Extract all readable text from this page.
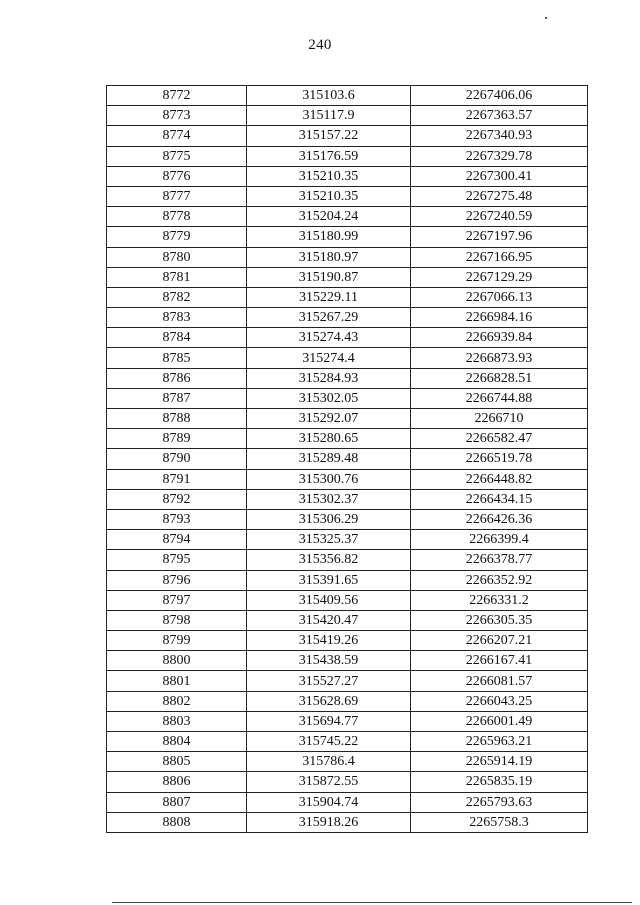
240
8772	315103.6	2267406.06
8773	315117.9	2267363.57
8774	315157.22	2267340.93
8775	315176.59	2267329.78
8776	315210.35	2267300.41
8777	315210.35	2267275.48
8778	315204.24	2267240.59
8779	315180.99	2267197.96
8780	315180.97	2267166.95
8781	315190.87	2267129.29
8782	315229.11	2267066.13
8783	315267.29	2266984.16
8784	315274.43	2266939.84
8785	315274.4	2266873.93
8786	315284.93	2266828.51
8787	315302.05	2266744.88
8788	315292.07	2266710
8789	315280.65	2266582.47
8790	315289.48	2266519.78
8791	315300.76	2266448.82
8792	315302.37	2266434.15
8793	315306.29	2266426.36
8794	315325.37	2266399.4
8795	315356.82	2266378.77
8796	315391.65	2266352.92
8797	315409.56	2266331.2
8798	315420.47	2266305.35
8799	315419.26	2266207.21
8800	315438.59	2266167.41
8801	315527.27	2266081.57
8802	315628.69	2266043.25
8803	315694.77	2266001.49
8804	315745.22	2265963.21
8805	315786.4	2265914.19
8806	315872.55	2265835.19
8807	315904.74	2265793.63
8808	315918.26	2265758.3
